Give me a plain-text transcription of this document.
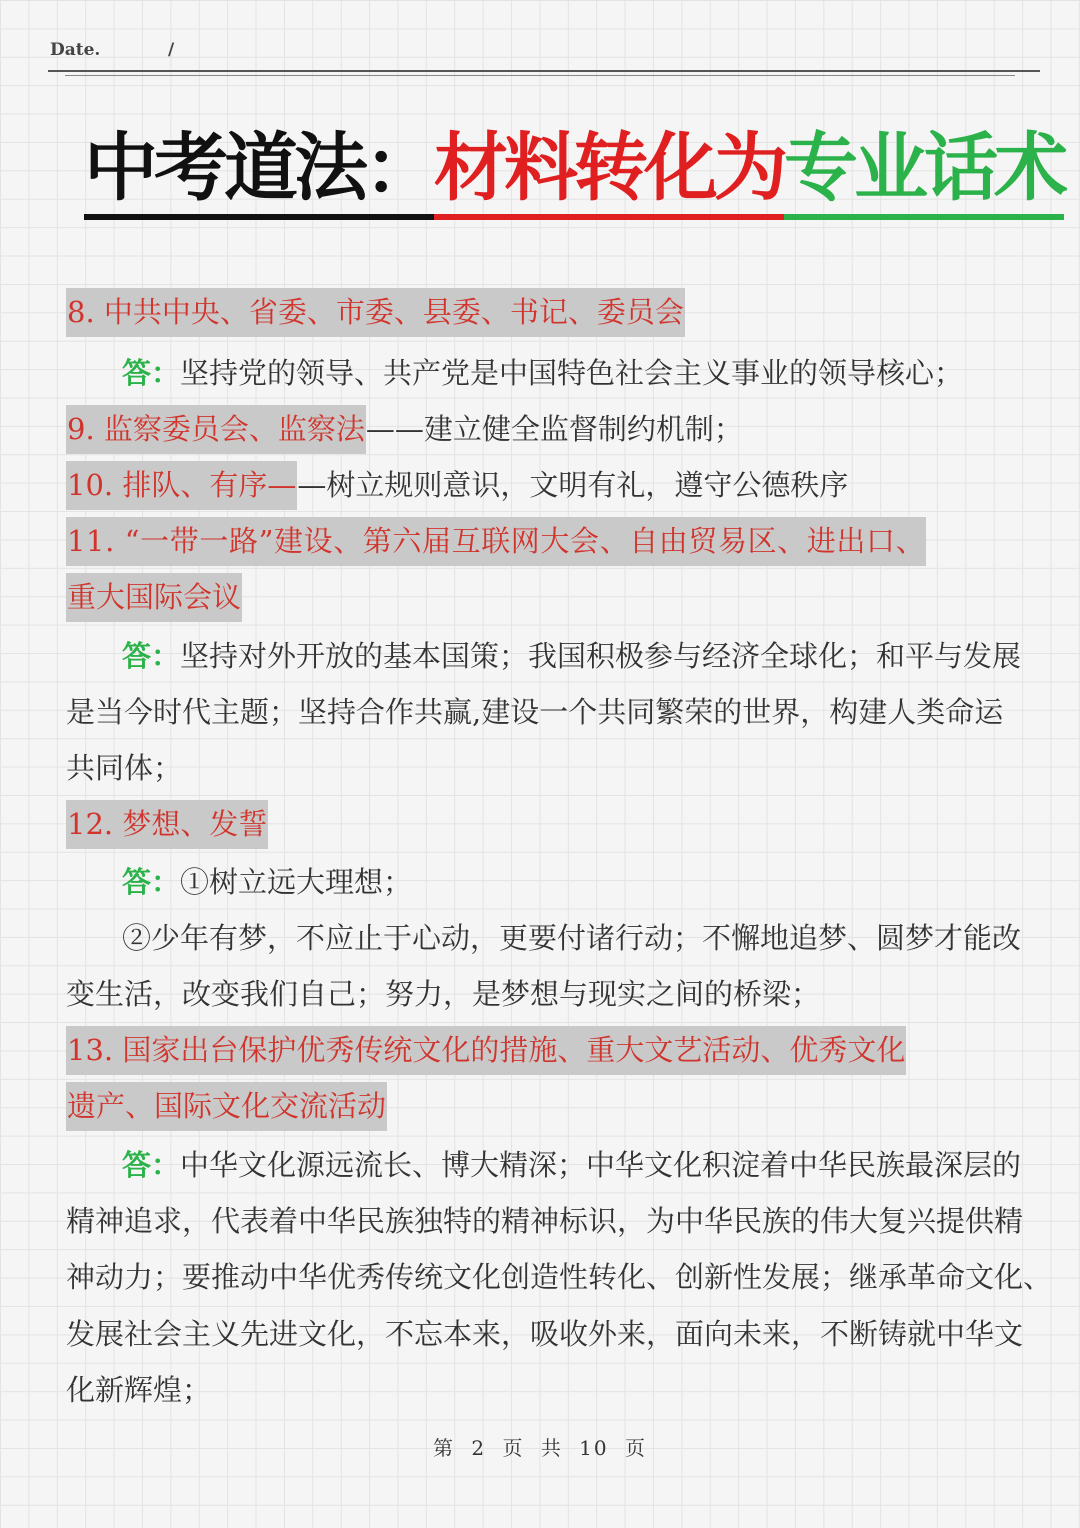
Date.	/
中考道法： 材料转化为 专业话术
8. 中共中央、省委、市委、县委、书记、委员会
答：坚持党的领导、共产党是中国特色社会主义事业的领导核心；
9. 监察委员会、监察法——建立健全监督制约机制；
10. 排队、有序——树立规则意识，文明有礼，遵守公德秩序
11. “一带一路”建设、第六届互联网大会、自由贸易区、进出口、
重大国际会议
答：坚持对外开放的基本国策；我国积极参与经济全球化；和平与发展
是当今时代主题；坚持合作共赢,建设一个共同繁荣的世界，构建人类命运
共同体；
12. 梦想、发誓
答：①树立远大理想；
②少年有梦，不应止于心动，更要付诸行动；不懈地追梦、圆梦才能改
变生活，改变我们自己；努力，是梦想与现实之间的桥梁；
13. 国家出台保护优秀传统文化的措施、重大文艺活动、优秀文化
遗产、国际文化交流活动
答：中华文化源远流长、博大精深；中华文化积淀着中华民族最深层的
精神追求，代表着中华民族独特的精神标识，为中华民族的伟大复兴提供精
神动力；要推动中华优秀传统文化创造性转化、创新性发展；继承革命文化、
发展社会主义先进文化，不忘本来，吸收外来，面向未来，不断铸就中华文
化新辉煌；
第 2 页 共 10 页
